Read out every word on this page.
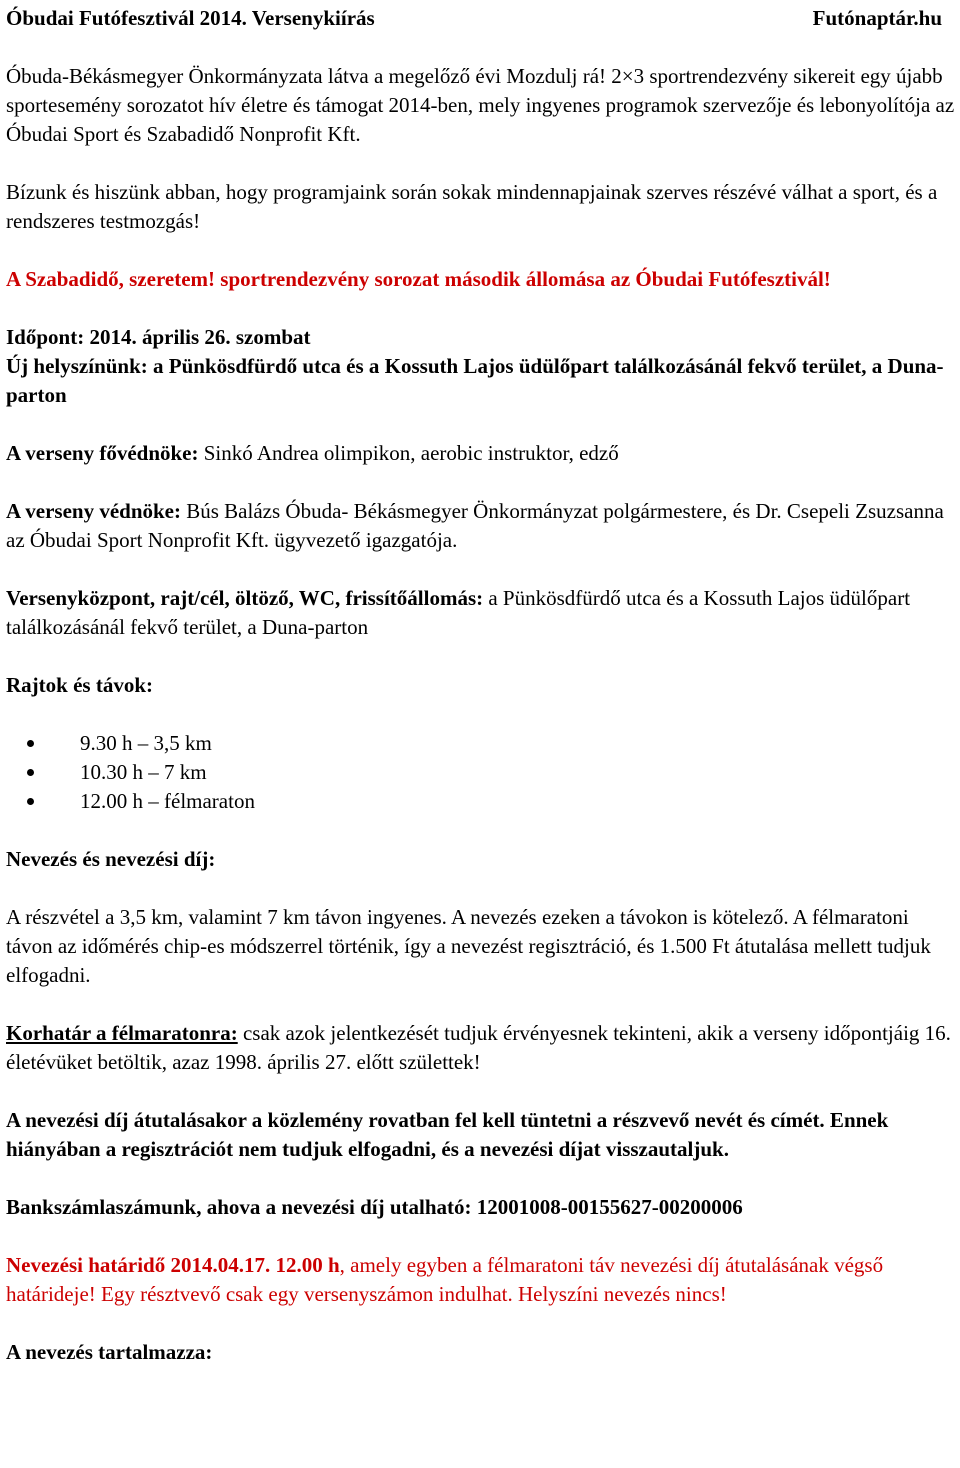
Óbudai Futófesztivál 2014. Versenykiírás	Futónaptár.hu

Óbuda-Békásmegyer Önkormányzata látva a megelőző évi Mozdulj rá! 2×3 sportrendezvény sikereit egy újabb sportesemény sorozatot hív életre és támogat 2014-ben, mely ingyenes programok szervezője és lebonyolítója az Óbudai Sport és Szabadidő Nonprofit Kft.

Bízunk és hiszünk abban, hogy programjaink során sokak mindennapjainak szerves részévé válhat a sport, és a rendszeres testmozgás!

A Szabadidő, szeretem! sportrendezvény sorozat második állomása az Óbudai Futófesztivál!

Időpont: 2014. április 26. szombat

Új helyszínünk: a Pünkösdfürdő utca és a Kossuth Lajos üdülőpart találkozásánál fekvő terület, a Duna-parton

A verseny fővédnöke: Sinkó Andrea olimpikon, aerobic instruktor, edző

A verseny védnöke: Bús Balázs Óbuda- Békásmegyer Önkormányzat polgármestere, és Dr. Csepeli Zsuzsanna az Óbudai Sport Nonprofit Kft. ügyvezető igazgatója.

Versenyközpont, rajt/cél, öltöző, WC, frissítőállomás: a Pünkösdfürdő utca és a Kossuth Lajos üdülőpart találkozásánál fekvő terület, a Duna-parton

Rajtok és távok:

9.30 h – 3,5 km
10.30 h – 7 km
12.00 h – félmaraton

Nevezés és nevezési díj:

A részvétel a 3,5 km, valamint 7 km távon ingyenes. A nevezés ezeken a távokon is kötelező. A félmaratoni távon az időmérés chip-es módszerrel történik, így a nevezést regisztráció, és 1.500 Ft átutalása mellett tudjuk elfogadni.

Korhatár a félmaratonra: csak azok jelentkezését tudjuk érvényesnek tekinteni, akik a verseny időpontjáig 16. életévüket betöltik, azaz 1998. április 27. előtt születtek!

A nevezési díj átutalásakor a közlemény rovatban fel kell tüntetni a részvevő nevét és címét. Ennek hiányában a regisztrációt nem tudjuk elfogadni, és a nevezési díjat visszautaljuk.

Bankszámlaszámunk, ahova a nevezési díj utalható: 12001008-00155627-00200006

Nevezési határidő 2014.04.17. 12.00 h, amely egyben a félmaratoni táv nevezési díj átutalásának végső határideje! Egy résztvevő csak egy versenyszámon indulhat. Helyszíni nevezés nincs!

A nevezés tartalmazza:
